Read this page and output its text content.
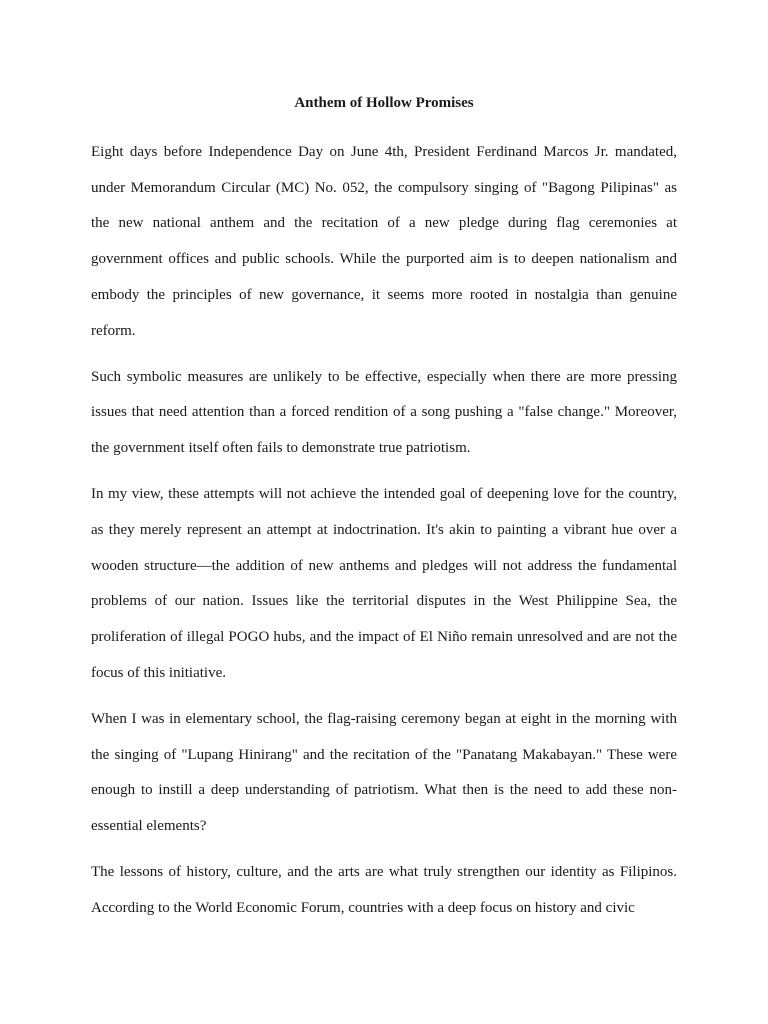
Anthem of Hollow Promises

Eight days before Independence Day on June 4th, President Ferdinand Marcos Jr. mandated, under Memorandum Circular (MC) No. 052, the compulsory singing of "Bagong Pilipinas" as the new national anthem and the recitation of a new pledge during flag ceremonies at government offices and public schools. While the purported aim is to deepen nationalism and embody the principles of new governance, it seems more rooted in nostalgia than genuine reform.

Such symbolic measures are unlikely to be effective, especially when there are more pressing issues that need attention than a forced rendition of a song pushing a "false change." Moreover, the government itself often fails to demonstrate true patriotism.

In my view, these attempts will not achieve the intended goal of deepening love for the country, as they merely represent an attempt at indoctrination. It's akin to painting a vibrant hue over a wooden structure—the addition of new anthems and pledges will not address the fundamental problems of our nation. Issues like the territorial disputes in the West Philippine Sea, the proliferation of illegal POGO hubs, and the impact of El Niño remain unresolved and are not the focus of this initiative.

When I was in elementary school, the flag-raising ceremony began at eight in the morning with the singing of "Lupang Hinirang" and the recitation of the "Panatang Makabayan." These were enough to instill a deep understanding of patriotism. What then is the need to add these non-essential elements?

The lessons of history, culture, and the arts are what truly strengthen our identity as Filipinos. According to the World Economic Forum, countries with a deep focus on history and civic
